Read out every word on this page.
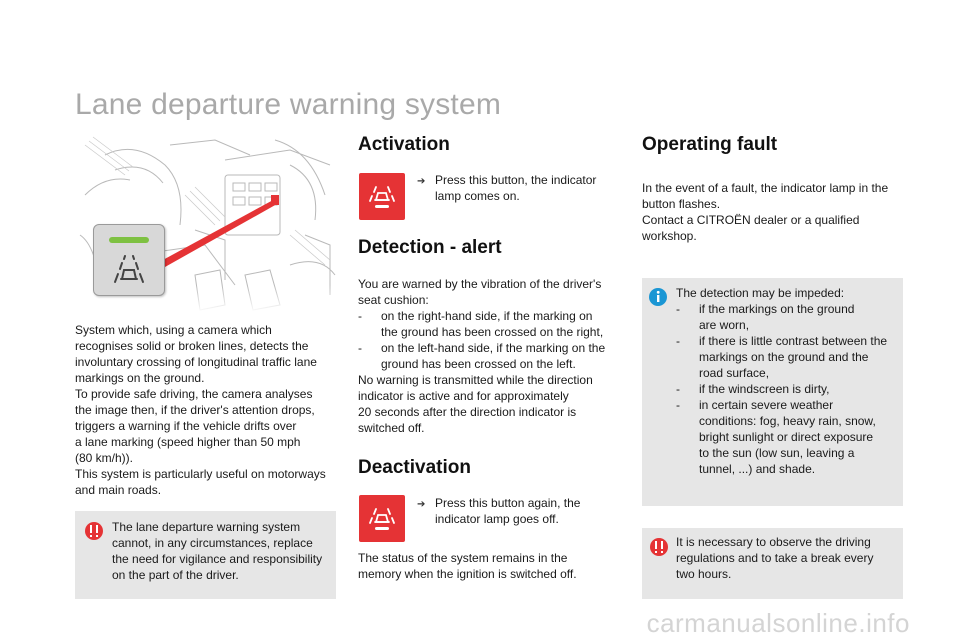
Lane departure warning system
System which, using a camera which
recognises solid or broken lines, detects the
involuntary crossing of longitudinal traffic lane
markings on the ground.
To provide safe driving, the camera analyses
the image then, if the driver's attention drops,
triggers a warning if the vehicle drifts over
a lane marking (speed higher than 50 mph
(80 km/h)).
This system is particularly useful on motorways
and main roads.
The lane departure warning system
cannot, in any circumstances, replace
the need for vigilance and responsibility
on the part of the driver.
Activation
➔ Press this button, the indicator
lamp comes on.
Detection - alert
You are warned by the vibration of the driver's
seat cushion:
-	on the right-hand side, if the marking on
the ground has been crossed on the right,
-	on the left-hand side, if the marking on the
ground has been crossed on the left.
No warning is transmitted while the direction
indicator is active and for approximately
20 seconds after the direction indicator is
switched off.
Deactivation
➔ Press this button again, the
indicator lamp goes off.
The status of the system remains in the
memory when the ignition is switched off.
Operating fault
In the event of a fault, the indicator lamp in the
button flashes.
Contact a CITROËN dealer or a qualified
workshop.
The detection may be impeded:
-	if the markings on the ground
are worn,
-	if there is little contrast between the
markings on the ground and the
road surface,
-	if the windscreen is dirty,
-	in certain severe weather
conditions: fog, heavy rain, snow,
bright sunlight or direct exposure
to the sun (low sun, leaving a
tunnel, ...) and shade.
It is necessary to observe the driving
regulations and to take a break every
two hours.
carmanualsonline.info
